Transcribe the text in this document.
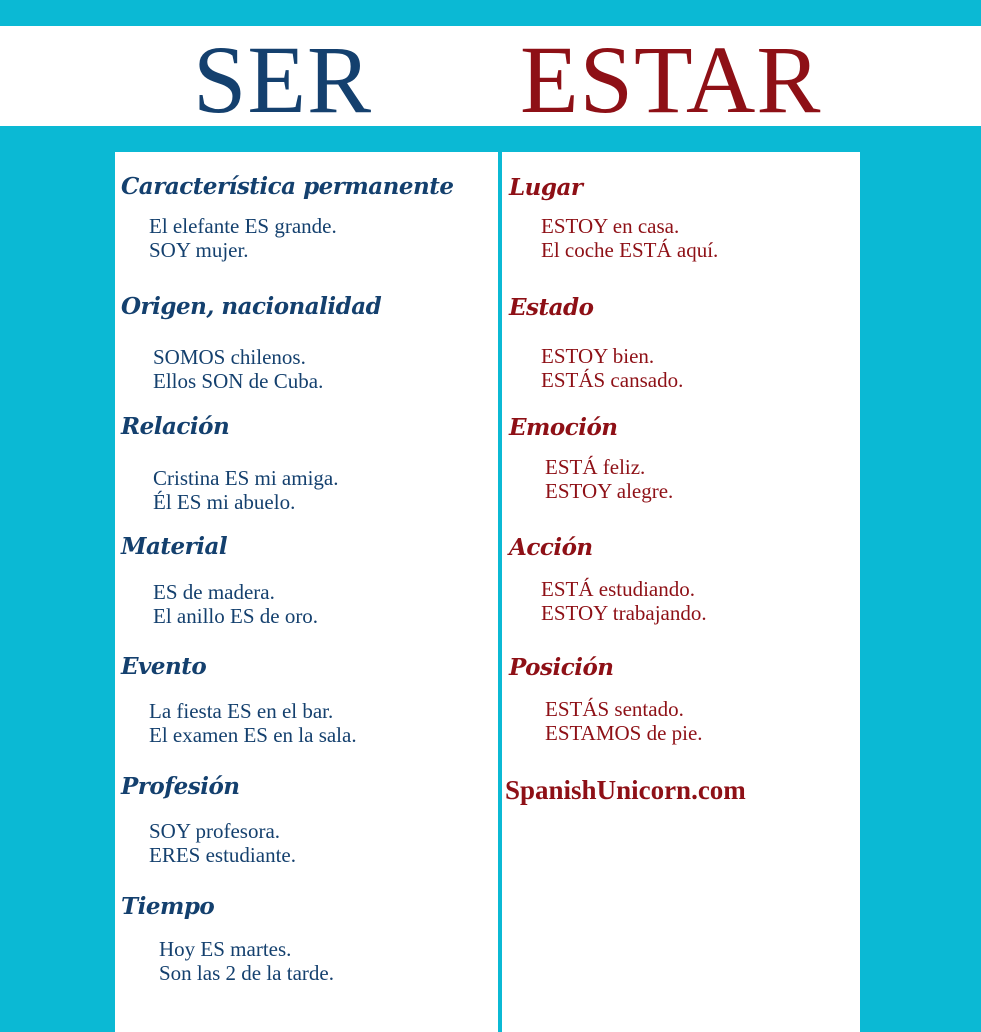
SER ESTAR
Característica permanente
El elefante ES grande.
SOY mujer.
Origen, nacionalidad
SOMOS chilenos.
Ellos SON de Cuba.
Relación
Cristina ES mi amiga.
Él ES mi abuelo.
Material
ES de madera.
El anillo ES de oro.
Evento
La fiesta ES en el bar.
El examen ES en la sala.
Profesión
SOY profesora.
ERES estudiante.
Tiempo
Hoy ES martes.
Son las 2 de la tarde.
Lugar
ESTOY en casa.
El coche ESTÁ aquí.
Estado
ESTOY bien.
ESTÁS cansado.
Emoción
ESTÁ feliz.
ESTOY alegre.
Acción
ESTÁ estudiando.
ESTOY trabajando.
Posición
ESTÁS sentado.
ESTAMOS de pie.
SpanishUnicorn.com
